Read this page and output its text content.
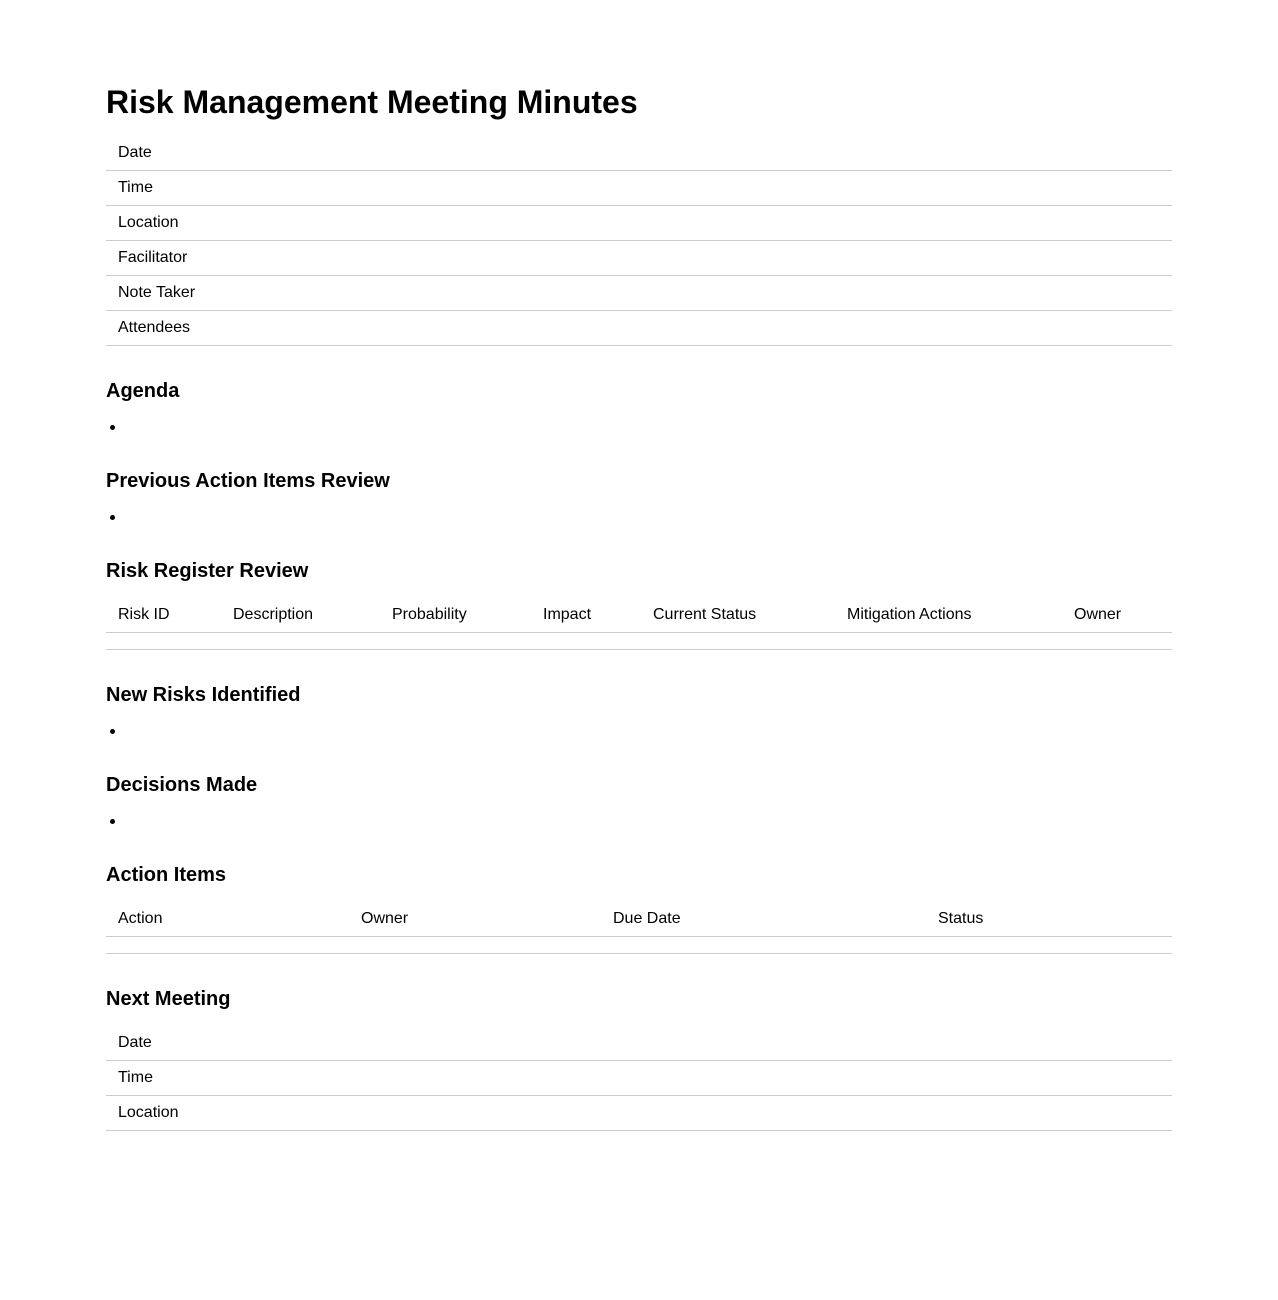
Risk Management Meeting Minutes
Date
Time
Location
Facilitator
Note Taker
Attendees
Agenda
Previous Action Items Review
Risk Register Review
Risk ID	Description	Probability	Impact	Current Status	Mitigation Actions	Owner

New Risks Identified
Decisions Made
Action Items
Action	Owner	Due Date	Status

Next Meeting
Date
Time
Location
